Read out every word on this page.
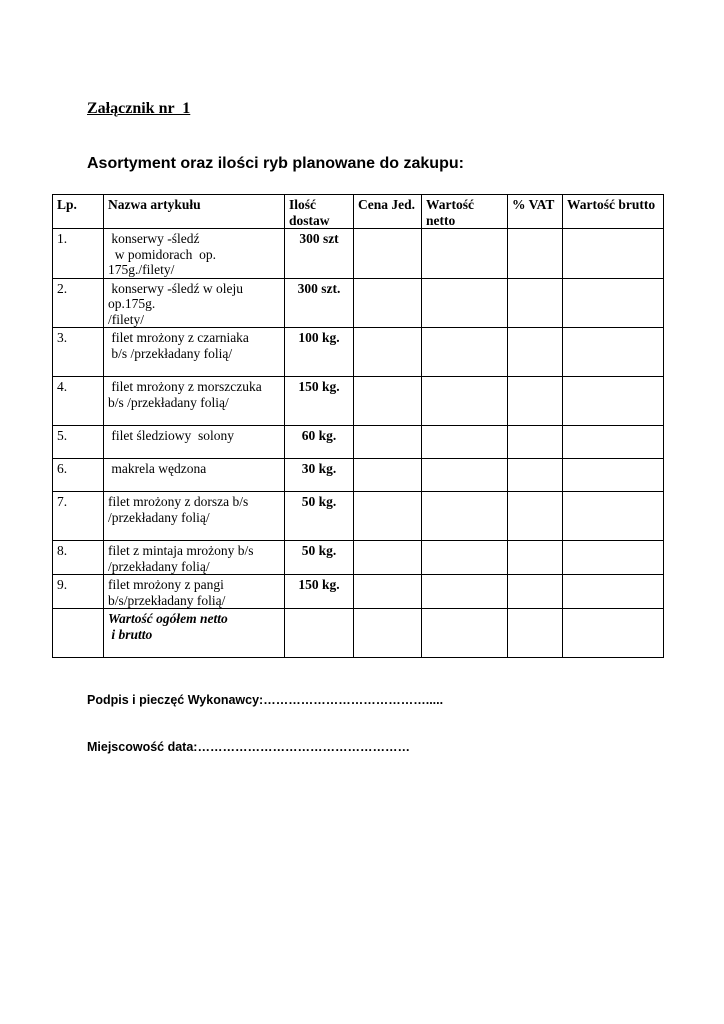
Załącznik nr  1
Asortyment oraz ilości ryb planowane do zakupu:
Lp.	Nazwa artykułu	Ilość dostaw	Cena Jed.	Wartość netto	% VAT	Wartość brutto
1.	konserwy -śledź
w pomidorach  op.
175g./filety/	300 szt				
2.	konserwy -śledź w oleju
op.175g.
/filety/	300 szt.				
3.	filet mrożony z czarniaka
b/s /przekładany folią/	100 kg.				
4.	filet mrożony z morszczuka
b/s /przekładany folią/	150 kg.				
5.	filet śledziowy  solony	60 kg.				
6.	makrela wędzona	30 kg.				
7.	filet mrożony z dorsza b/s
/przekładany folią/	50 kg.				
8.	filet z mintaja mrożony b/s
/przekładany folią/	50 kg.				
9.	filet mrożony z pangi
b/s/przekładany folią/	150 kg.				
	Wartość ogółem netto
i brutto					
Podpis i pieczęć Wykonawcy:………………………………….....
Miejscowość data:……………………………………………
